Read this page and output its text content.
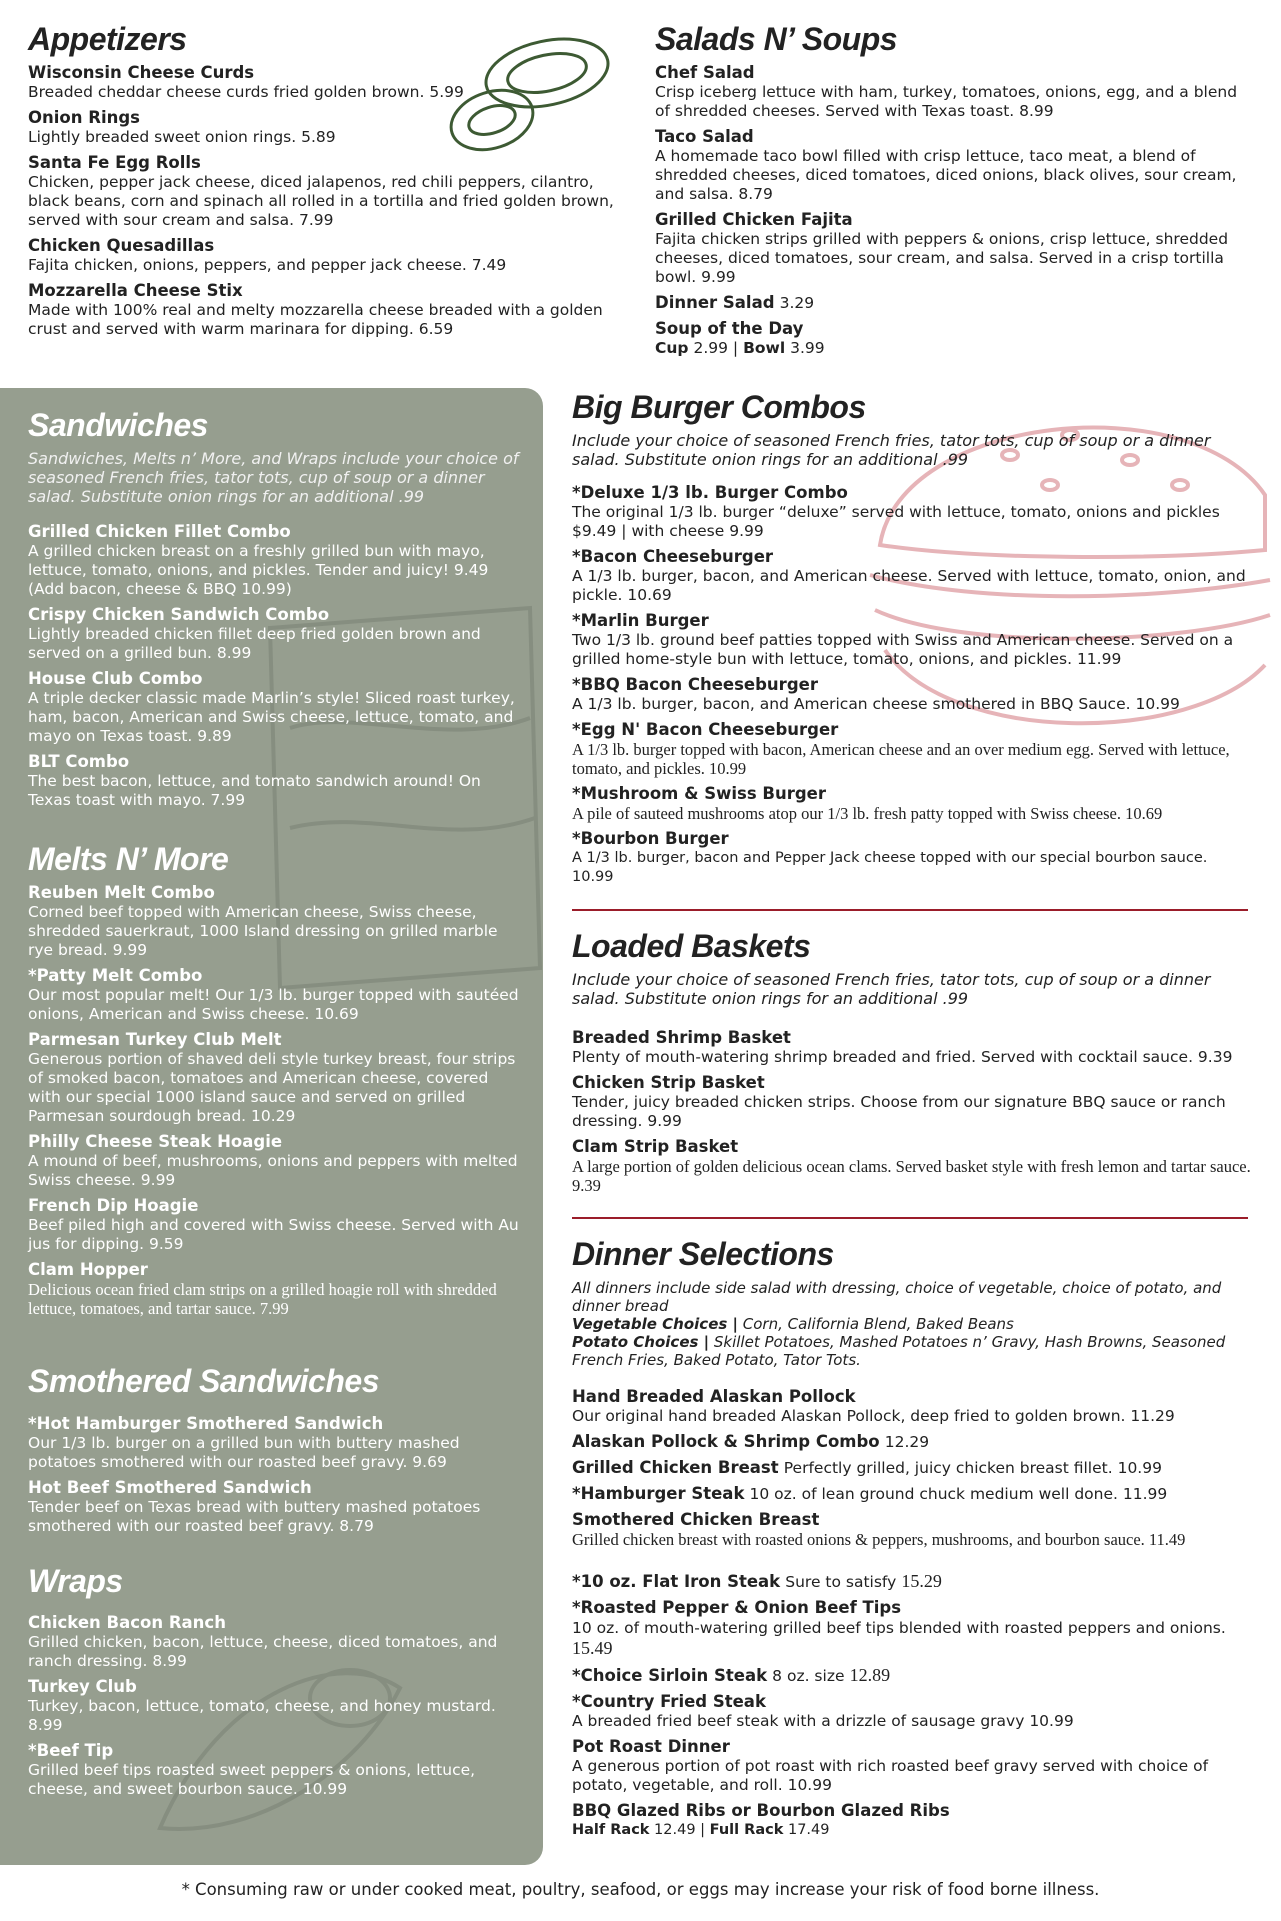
Appetizers
Wisconsin Cheese Curds
Breaded cheddar cheese curds fried golden brown. 5.99
Onion Rings
Lightly breaded sweet onion rings. 5.89
Santa Fe Egg Rolls
Chicken, pepper jack cheese, diced jalapenos, red chili peppers, cilantro, black beans, corn and spinach all rolled in a tortilla and fried golden brown, served with sour cream and salsa. 7.99
Chicken Quesadillas
Fajita chicken, onions, peppers, and pepper jack cheese. 7.49
Mozzarella Cheese Stix
Made with 100% real and melty mozzarella cheese breaded with a golden crust and served with warm marinara for dipping. 6.59
Salads N’ Soups
Chef Salad
Crisp iceberg lettuce with ham, turkey, tomatoes, onions, egg, and a blend of shredded cheeses. Served with Texas toast. 8.99
Taco Salad
A homemade taco bowl filled with crisp lettuce, taco meat, a blend of shredded cheeses, diced tomatoes, diced onions, black olives, sour cream, and salsa. 8.79
Grilled Chicken Fajita
Fajita chicken strips grilled with peppers & onions, crisp lettuce, shredded cheeses, diced tomatoes, sour cream, and salsa. Served in a crisp tortilla bowl. 9.99
Dinner Salad 3.29
Soup of the Day
Cup 2.99 | Bowl 3.99
Sandwiches
Sandwiches, Melts n’ More, and Wraps include your choice of seasoned French fries, tator tots, cup of soup or a dinner salad. Substitute onion rings for an additional .99
Grilled Chicken Fillet Combo
A grilled chicken breast on a freshly grilled bun with mayo, lettuce, tomato, onions, and pickles. Tender and juicy! 9.49 (Add bacon, cheese & BBQ 10.99)
Crispy Chicken Sandwich Combo
Lightly breaded chicken fillet deep fried golden brown and served on a grilled bun. 8.99
House Club Combo
A triple decker classic made Marlin’s style! Sliced roast turkey, ham, bacon, American and Swiss cheese, lettuce, tomato, and mayo on Texas toast. 9.89
BLT Combo
The best bacon, lettuce, and tomato sandwich around! On Texas toast with mayo. 7.99
Melts N’ More
Reuben Melt Combo
Corned beef topped with American cheese, Swiss cheese, shredded sauerkraut, 1000 Island dressing on grilled marble rye bread. 9.99
*Patty Melt Combo
Our most popular melt! Our 1/3 lb. burger topped with sautéed onions, American and Swiss cheese. 10.69
Parmesan Turkey Club Melt
Generous portion of shaved deli style turkey breast, four strips of smoked bacon, tomatoes and American cheese, covered with our special 1000 island sauce and served on grilled Parmesan sourdough bread. 10.29
Philly Cheese Steak Hoagie
A mound of beef, mushrooms, onions and peppers with melted Swiss cheese. 9.99
French Dip Hoagie
Beef piled high and covered with Swiss cheese. Served with Au jus for dipping. 9.59
Clam Hopper
Delicious ocean fried clam strips on a grilled hoagie roll with shredded lettuce, tomatoes, and tartar sauce. 7.99
Smothered Sandwiches
*Hot Hamburger Smothered Sandwich
Our 1/3 lb. burger on a grilled bun with buttery mashed potatoes smothered with our roasted beef gravy. 9.69
Hot Beef Smothered Sandwich
Tender beef on Texas bread with buttery mashed potatoes smothered with our roasted beef gravy. 8.79
Wraps
Chicken Bacon Ranch
Grilled chicken, bacon, lettuce, cheese, diced tomatoes, and ranch dressing. 8.99
Turkey Club
Turkey, bacon, lettuce, tomato, cheese, and honey mustard. 8.99
*Beef Tip
Grilled beef tips roasted sweet peppers & onions, lettuce, cheese, and sweet bourbon sauce. 10.99
Big Burger Combos
Include your choice of seasoned French fries, tator tots, cup of soup or a dinner salad. Substitute onion rings for an additional .99
*Deluxe 1/3 lb. Burger Combo
The original 1/3 lb. burger “deluxe” served with lettuce, tomato, onions and pickles $9.49 | with cheese 9.99
*Bacon Cheeseburger
A 1/3 lb. burger, bacon, and American cheese. Served with lettuce, tomato, onion, and pickle. 10.69
*Marlin Burger
Two 1/3 lb. ground beef patties topped with Swiss and American cheese. Served on a grilled home-style bun with lettuce, tomato, onions, and pickles. 11.99
*BBQ Bacon Cheeseburger
A 1/3 lb. burger, bacon, and American cheese smothered in BBQ Sauce. 10.99
*Egg N' Bacon Cheeseburger
A 1/3 lb. burger topped with bacon, American cheese and an over medium egg. Served with lettuce, tomato, and pickles. 10.99
*Mushroom & Swiss Burger
A pile of sauteed mushrooms atop our 1/3 lb. fresh patty topped with Swiss cheese. 10.69
*Bourbon Burger
A 1/3 lb. burger, bacon and Pepper Jack cheese topped with our special bourbon sauce. 10.99
Loaded Baskets
Include your choice of seasoned French fries, tator tots, cup of soup or a dinner salad. Substitute onion rings for an additional .99
Breaded Shrimp Basket
Plenty of mouth-watering shrimp breaded and fried. Served with cocktail sauce. 9.39
Chicken Strip Basket
Tender, juicy breaded chicken strips. Choose from our signature BBQ sauce or ranch dressing. 9.99
Clam Strip Basket
A large portion of golden delicious ocean clams. Served basket style with fresh lemon and tartar sauce. 9.39
Dinner Selections
All dinners include side salad with dressing, choice of vegetable, choice of potato, and dinner bread
Vegetable Choices | Corn, California Blend, Baked Beans
Potato Choices | Skillet Potatoes, Mashed Potatoes n’ Gravy, Hash Browns, Seasoned French Fries, Baked Potato, Tator Tots.
Hand Breaded Alaskan Pollock
Our original hand breaded Alaskan Pollock, deep fried to golden brown. 11.29
Alaskan Pollock & Shrimp Combo 12.29
Grilled Chicken Breast Perfectly grilled, juicy chicken breast fillet. 10.99
*Hamburger Steak 10 oz. of lean ground chuck medium well done. 11.99
Smothered Chicken Breast
Grilled chicken breast with roasted onions & peppers, mushrooms, and bourbon sauce. 11.49
*10 oz. Flat Iron Steak Sure to satisfy 15.29
*Roasted Pepper & Onion Beef Tips
10 oz. of mouth-watering grilled beef tips blended with roasted peppers and onions. 15.49
*Choice Sirloin Steak 8 oz. size 12.89
*Country Fried Steak
A breaded fried beef steak with a drizzle of sausage gravy 10.99
Pot Roast Dinner
A generous portion of pot roast with rich roasted beef gravy served with choice of potato, vegetable, and roll. 10.99
BBQ Glazed Ribs or Bourbon Glazed Ribs
Half Rack 12.49 | Full Rack 17.49
* Consuming raw or under cooked meat, poultry, seafood, or eggs may increase your risk of food borne illness.
